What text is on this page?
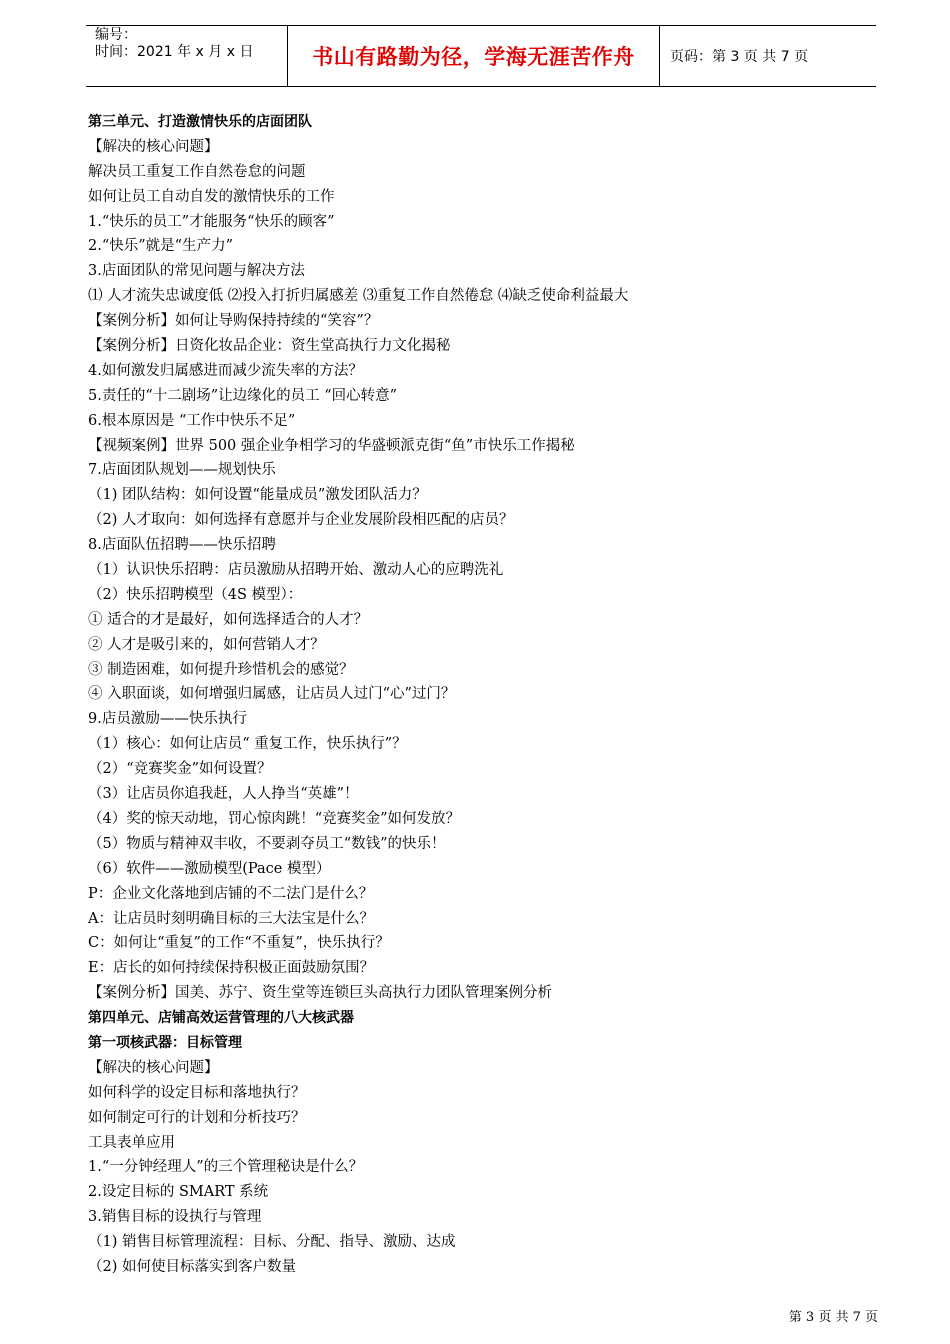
编号：
时间：2021 年 x 月 x 日	书山有路勤为径，学海无涯苦作舟	页码：第 3 页 共 7 页
第三单元、打造激情快乐的店面团队
【解决的核心问题】
解决员工重复工作自然卷怠的问题
如何让员工自动自发的激情快乐的工作
1.“快乐的员工”才能服务“快乐的顾客”
2.“快乐”就是“生产力”
3.店面团队的常见问题与解决方法
⑴ 人才流失忠诚度低 ⑵投入打折归属感差 ⑶重复工作自然倦怠 ⑷缺乏使命利益最大
【案例分析】如何让导购保持持续的“笑容”？
【案例分析】日资化妆品企业：资生堂高执行力文化揭秘
4.如何激发归属感进而减少流失率的方法？
5.责任的“十二剧场”让边缘化的员工 “回心转意”
6.根本原因是 “工作中快乐不足”
【视频案例】世界 500 强企业争相学习的华盛顿派克街“鱼”市快乐工作揭秘
7.店面团队规划——规划快乐
（1) 团队结构：如何设置“能量成员”激发团队活力？
（2) 人才取向：如何选择有意愿并与企业发展阶段相匹配的店员？
8.店面队伍招聘——快乐招聘
（1）认识快乐招聘：店员激励从招聘开始、激动人心的应聘洗礼
（2）快乐招聘模型（4S 模型）：
① 适合的才是最好，如何选择适合的人才？
② 人才是吸引来的，如何营销人才？
③ 制造困难，如何提升珍惜机会的感觉？
④ 入职面谈，如何增强归属感，让店员人过门“心”过门？
9.店员激励——快乐执行
（1）核心：如何让店员“ 重复工作，快乐执行”？
（2）“竞赛奖金”如何设置？
（3）让店员你追我赶，人人挣当“英雄”！
（4）奖的惊天动地，罚心惊肉跳！“竞赛奖金”如何发放？
（5）物质与精神双丰收，不要剥夺员工“数钱”的快乐！
（6）软件——激励模型(Pace 模型）
P：企业文化落地到店铺的不二法门是什么？
A：让店员时刻明确目标的三大法宝是什么？
C：如何让“重复”的工作“不重复”，快乐执行？
E：店长的如何持续保持积极正面鼓励氛围？
【案例分析】国美、苏宁、资生堂等连锁巨头高执行力团队管理案例分析
第四单元、店铺高效运营管理的八大核武器
第一项核武器：目标管理
【解决的核心问题】
如何科学的设定目标和落地执行？
如何制定可行的计划和分析技巧？
工具表单应用
1.“一分钟经理人”的三个管理秘诀是什么？
2.设定目标的 SMART 系统
3.销售目标的设执行与管理
（1) 销售目标管理流程：目标、分配、指导、激励、达成
（2) 如何使目标落实到客户数量
第 3 页 共 7 页
